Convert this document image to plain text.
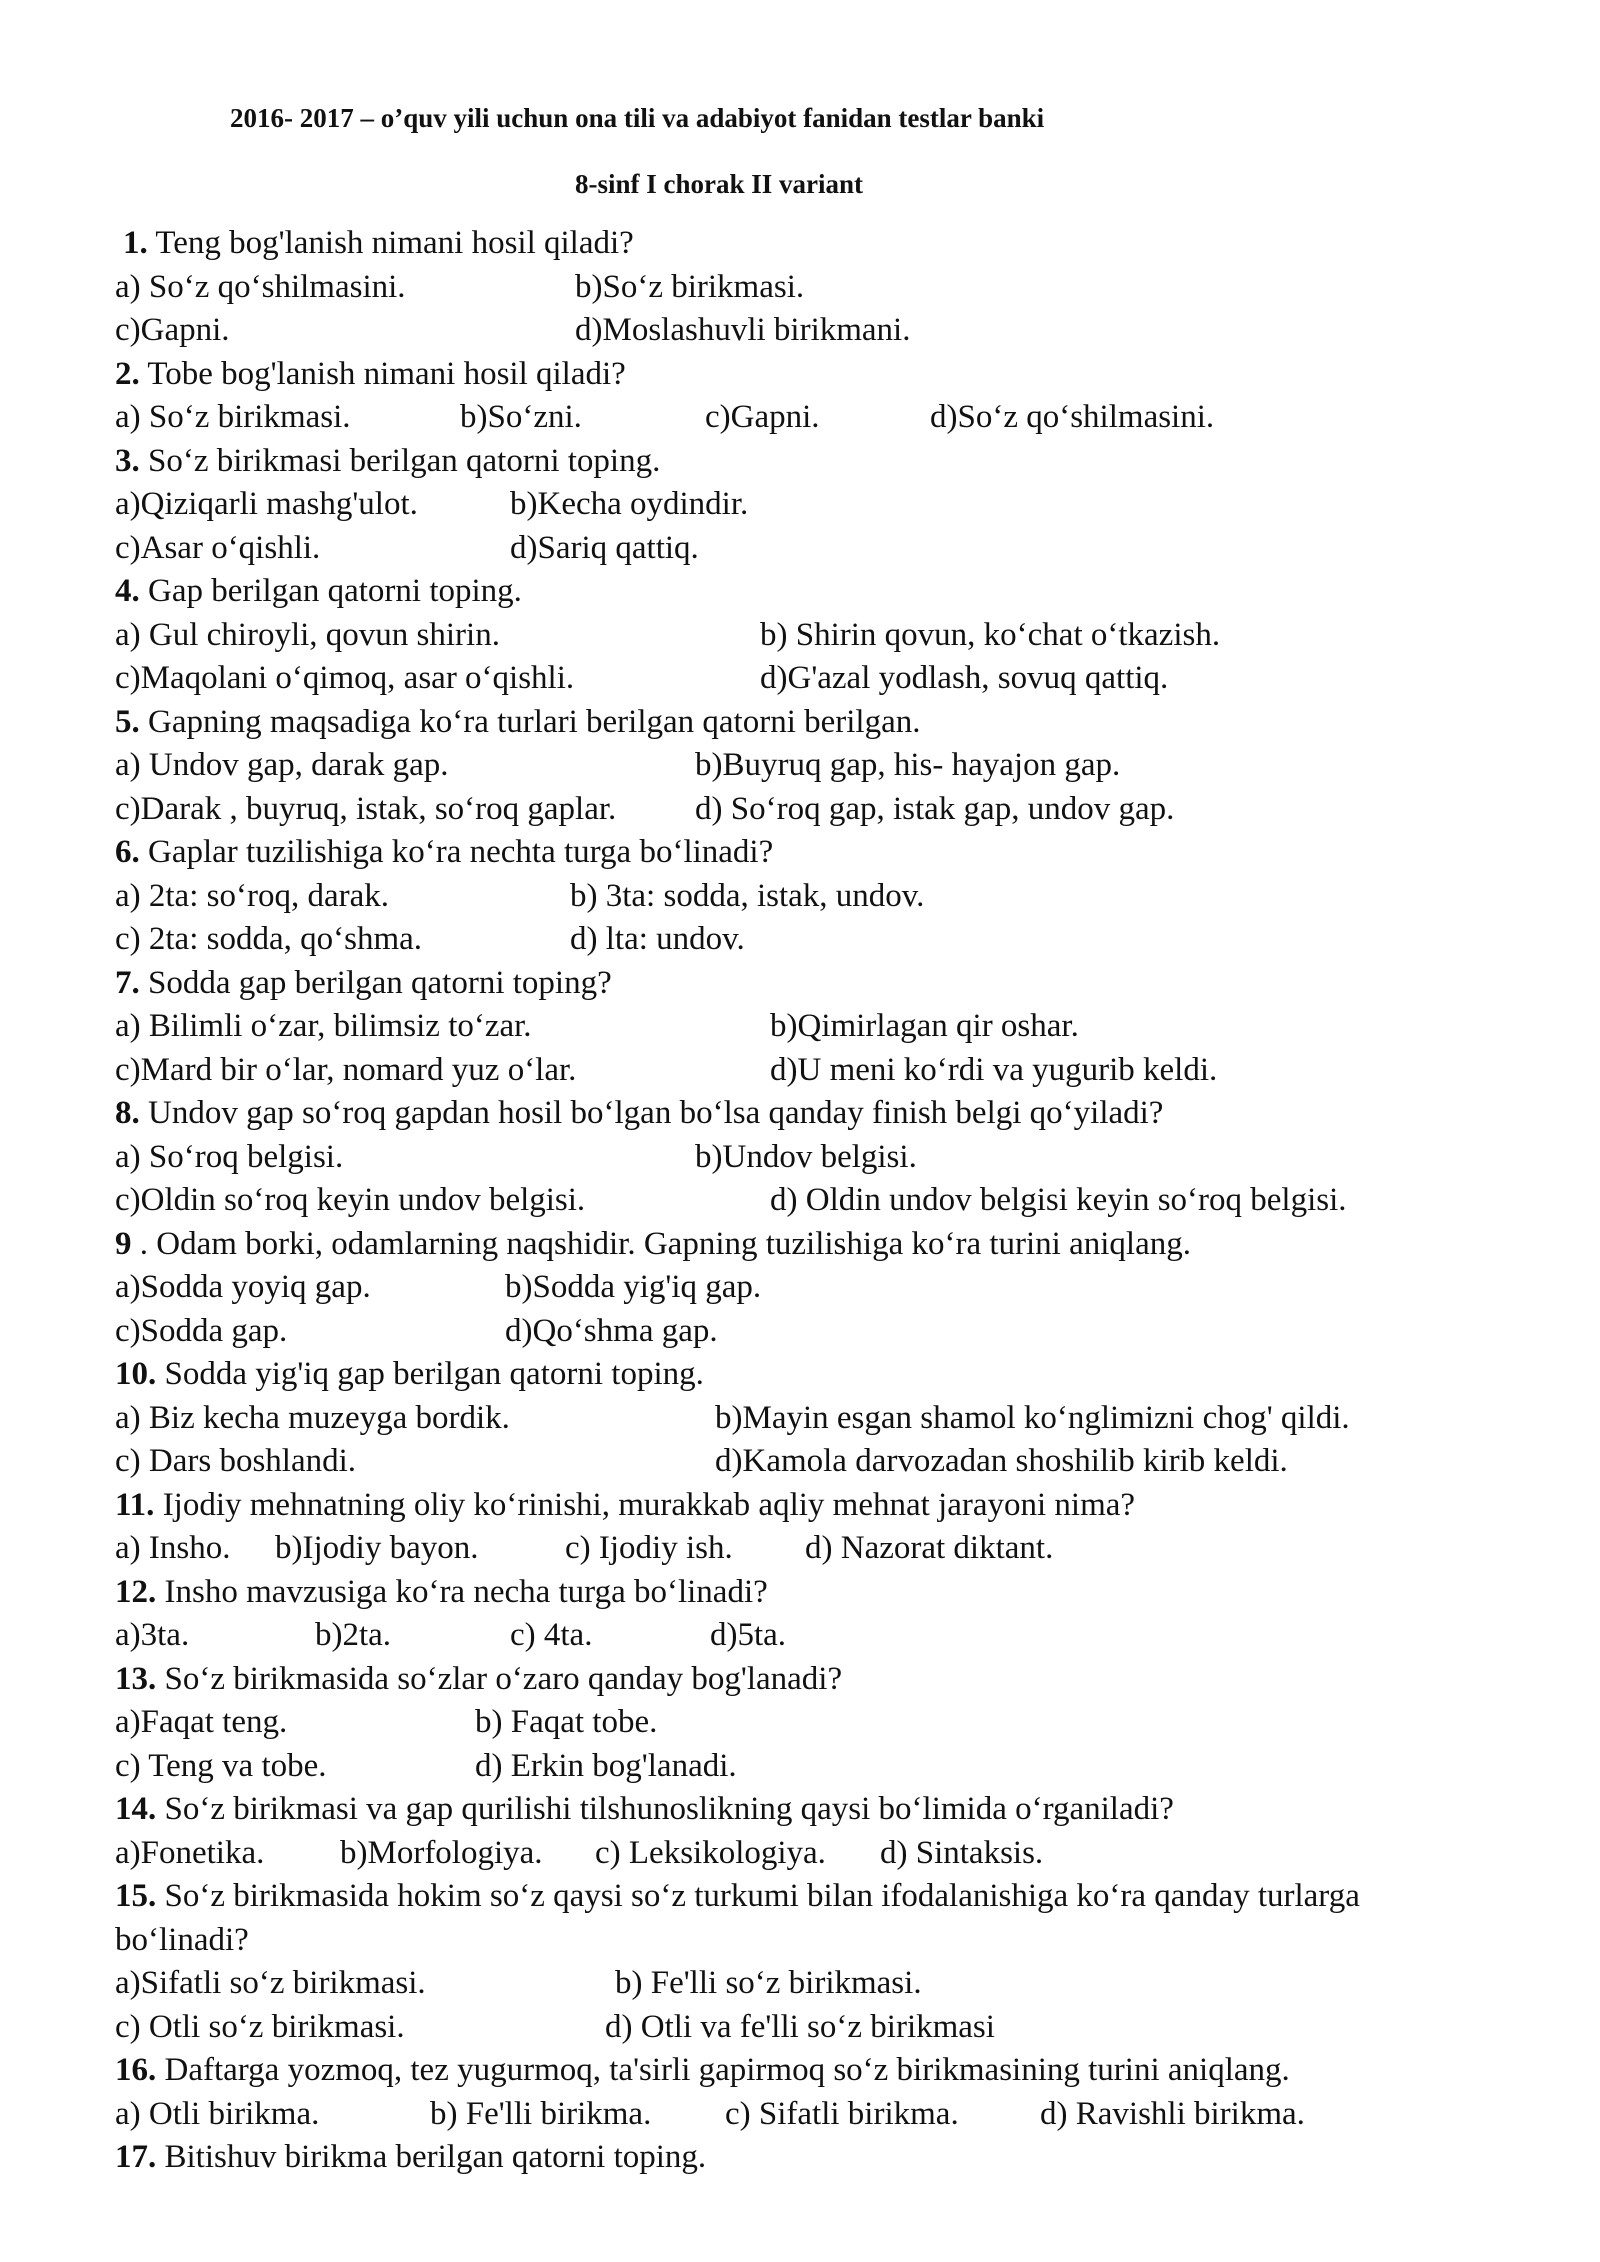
2016- 2017 – o’quv yili uchun ona tili va adabiyot fanidan testlar banki
8-sinf I chorak II variant
1. Teng bog'lanish nimani hosil qiladi?
a) So‘z qo‘shilmasini.	b)So‘z birikmasi.
c)Gapni.	d)Moslashuvli birikmani.
2. Tobe bog'lanish nimani hosil qiladi?
a) So‘z birikmasi.	b)So‘zni.	c)Gapni.	d)So‘z qo‘shilmasini.
3. So‘z birikmasi berilgan qatorni toping.
a)Qiziqarli mashg'ulot.	b)Kecha oydindir.
c)Asar o‘qishli.	d)Sariq qattiq.
4. Gap berilgan qatorni toping.
a) Gul chiroyli, qovun shirin.	b) Shirin qovun, ko‘chat o‘tkazish.
c)Maqolani o‘qimoq, asar o‘qishli.	d)G'azal yodlash, sovuq qattiq.
5. Gapning maqsadiga ko‘ra turlari berilgan qatorni berilgan.
a) Undov gap, darak gap.	b)Buyruq gap, his- hayajon gap.
c)Darak , buyruq, istak, so‘roq gaplar. d) So‘roq gap, istak gap, undov gap.
6. Gaplar tuzilishiga ko‘ra nechta turga bo‘linadi?
a) 2ta: so‘roq, darak.	b) 3ta: sodda, istak, undov.
c) 2ta: sodda, qo‘shma.	d) lta: undov.
7. Sodda gap berilgan qatorni toping?
a) Bilimli o‘zar, bilimsiz to‘zar.	b)Qimirlagan qir oshar.
c)Mard bir o‘lar, nomard yuz o‘lar.	d)U meni ko‘rdi va yugurib keldi.
8. Undov gap so‘roq gapdan hosil bo‘lgan bo‘lsa qanday finish belgi qo‘yiladi?
a) So‘roq belgisi.	b)Undov belgisi.
c)Oldin so‘roq keyin undov belgisi.	d) Oldin undov belgisi keyin so‘roq belgisi.
9 . Odam borki, odamlarning naqshidir. Gapning tuzilishiga ko‘ra turini aniqlang.
a)Sodda yoyiq gap.	b)Sodda yig'iq gap.
c)Sodda gap.	d)Qo‘shma gap.
10. Sodda yig'iq gap berilgan qatorni toping.
a) Biz kecha muzeyga bordik.	b)Mayin esgan shamol ko‘nglimizni chog' qildi.
c) Dars boshlandi.	d)Kamola darvozadan shoshilib kirib keldi.
11. Ijodiy mehnatning oliy ko‘rinishi, murakkab aqliy mehnat jarayoni nima?
a) Insho. b)Ijodiy bayon.	c) Ijodiy ish. d) Nazorat diktant.
12. Insho mavzusiga ko‘ra necha turga bo‘linadi?
a)3ta.	b)2ta.	c) 4ta.	d)5ta.
13. So‘z birikmasida so‘zlar o‘zaro qanday bog'lanadi?
a)Faqat teng.	b) Faqat tobe.
c) Teng va tobe.	d) Erkin bog'lanadi.
14. So‘z birikmasi va gap qurilishi tilshunoslikning qaysi bo‘limida o‘rganiladi?
a)Fonetika. b)Morfologiya. c) Leksikologiya. d) Sintaksis.
15. So‘z birikmasida hokim so‘z qaysi so‘z turkumi bilan ifodalanishiga ko‘ra qanday turlarga bo‘linadi?
a)Sifatli so‘z birikmasi.	b) Fe'lli so‘z birikmasi.
c) Otli so‘z birikmasi.	d) Otli va fe'lli so‘z birikmasi
16. Daftarga yozmoq, tez yugurmoq, ta'sirli gapirmoq so‘z birikmasining turini aniqlang.
a) Otli birikma.	b) Fe'lli birikma. c) Sifatli birikma. d) Ravishli birikma.
17. Bitishuv birikma berilgan qatorni toping.
